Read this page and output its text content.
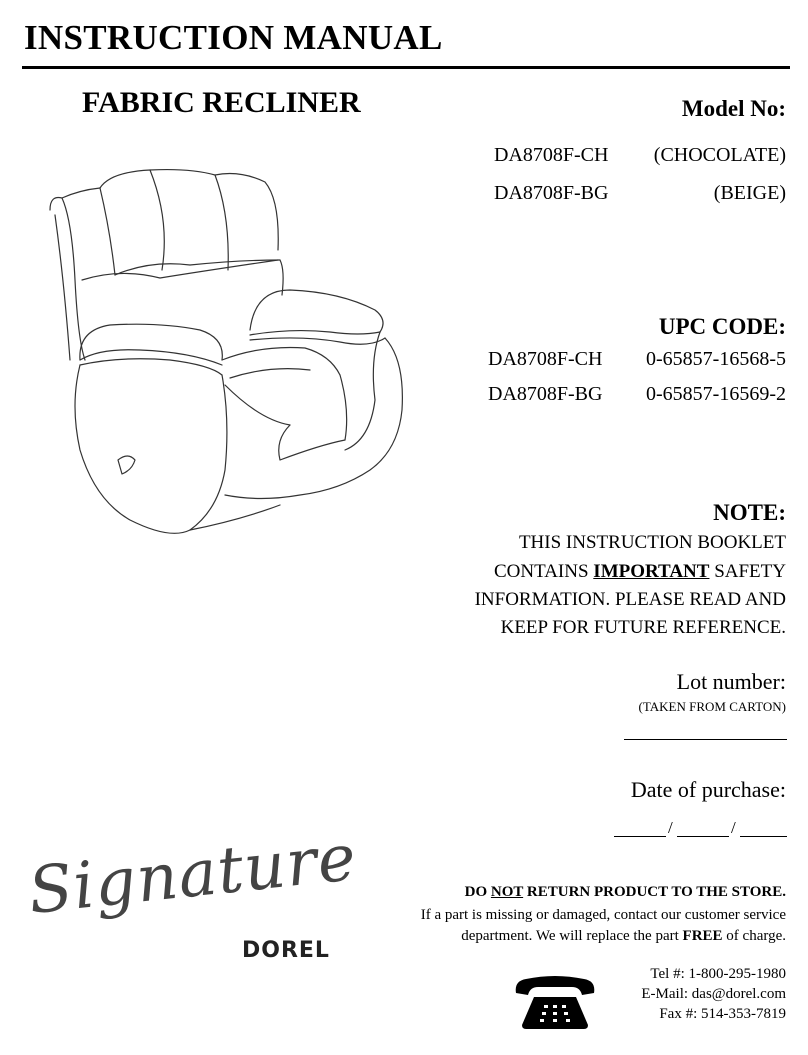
INSTRUCTION MANUAL
FABRIC RECLINER	Model No:
DA8708F-CH (CHOCOLATE)
DA8708F-BG	(BEIGE)
UPC CODE:
DA8708F-CH 0-65857-16568-5
DA8708F-BG 0-65857-16569-2
NOTE:
THIS INSTRUCTION BOOKLET
CONTAINS IMPORTANT SAFETY
INFORMATION. PLEASE READ AND
KEEP FOR FUTURE REFERENCE.
Lot number:
(TAKEN FROM CARTON)
Date of purchase:
/	/
Signature
DOREL
DO NOT RETURN PRODUCT TO THE STORE.
If a part is missing or damaged, contact our customer service
department. We will replace the part FREE of charge.
Tel #: 1-800-295-1980
E-Mail: das@dorel.com
Fax #: 514-353-7819
